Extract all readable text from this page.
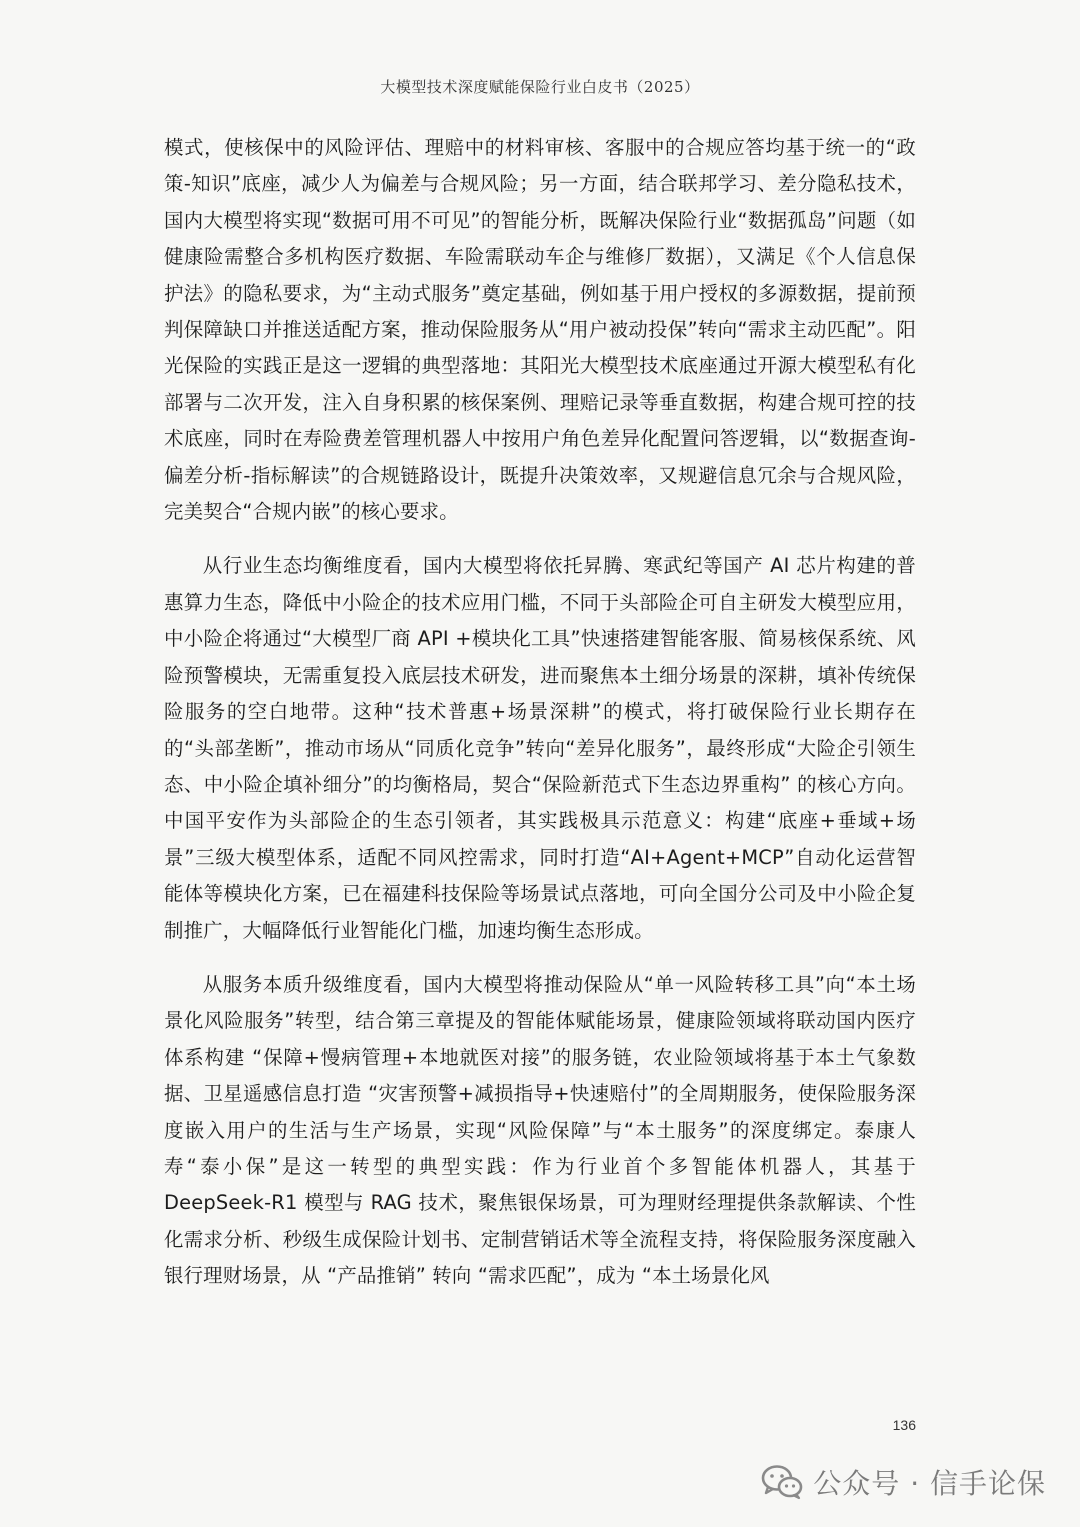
大模型技术深度赋能保险行业白皮书（2025）

模式，使核保中的风险评估、理赔中的材料审核、客服中的合规应答均基于统一的“政策-知识”底座，减少人为偏差与合规风险；另一方面，结合联邦学习、差分隐私技术，国内大模型将实现“数据可用不可见”的智能分析，既解决保险行业“数据孤岛”问题（如健康险需整合多机构医疗数据、车险需联动车企与维修厂数据），又满足《个人信息保护法》的隐私要求，为“主动式服务”奠定基础，例如基于用户授权的多源数据，提前预判保障缺口并推送适配方案，推动保险服务从“用户被动投保”转向“需求主动匹配”。阳光保险的实践正是这一逻辑的典型落地：其阳光大模型技术底座通过开源大模型私有化部署与二次开发，注入自身积累的核保案例、理赔记录等垂直数据，构建合规可控的技术底座，同时在寿险费差管理机器人中按用户角色差异化配置问答逻辑，以“数据查询-偏差分析-指标解读”的合规链路设计，既提升决策效率，又规避信息冗余与合规风险，完美契合“合规内嵌”的核心要求。

从行业生态均衡维度看，国内大模型将依托昇腾、寒武纪等国产 AI 芯片构建的普惠算力生态，降低中小险企的技术应用门槛，不同于头部险企可自主研发大模型应用，中小险企将通过“大模型厂商 API +模块化工具”快速搭建智能客服、简易核保系统、风险预警模块，无需重复投入底层技术研发，进而聚焦本土细分场景的深耕，填补传统保险服务的空白地带。这种“技术普惠+场景深耕”的模式，将打破保险行业长期存在的“头部垄断”，推动市场从“同质化竞争”转向“差异化服务”，最终形成“大险企引领生态、中小险企填补细分”的均衡格局，契合“保险新范式下生态边界重构” 的核心方向。中国平安作为头部险企的生态引领者，其实践极具示范意义：构建“底座+垂域+场景”三级大模型体系，适配不同风控需求，同时打造“AI+Agent+MCP”自动化运营智能体等模块化方案，已在福建科技保险等场景试点落地，可向全国分公司及中小险企复制推广，大幅降低行业智能化门槛，加速均衡生态形成。

从服务本质升级维度看，国内大模型将推动保险从“单一风险转移工具”向“本土场景化风险服务”转型，结合第三章提及的智能体赋能场景，健康险领域将联动国内医疗体系构建 “保障+慢病管理+本地就医对接”的服务链，农业险领域将基于本土气象数据、卫星遥感信息打造 “灾害预警+减损指导+快速赔付”的全周期服务，使保险服务深度嵌入用户的生活与生产场景，实现“风险保障”与“本土服务”的深度绑定。泰康人寿“泰小保”是这一转型的典型实践：作为行业首个多智能体机器人，其基于 DeepSeek-R1 模型与 RAG 技术，聚焦银保场景，可为理财经理提供条款解读、个性化需求分析、秒级生成保险计划书、定制营销话术等全流程支持，将保险服务深度融入银行理财场景，从 “产品推销” 转向 “需求匹配”，成为 “本土场景化风

136
公众号 · 信手论保
